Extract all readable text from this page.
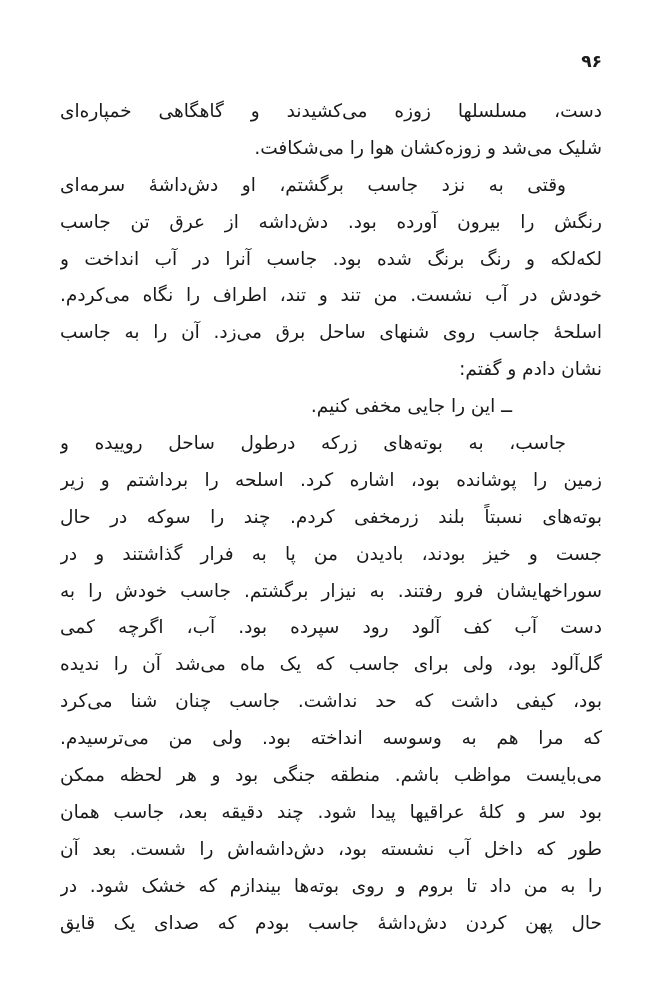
۹۶
دست، مسلسلها زوزه می‌کشیدند و گاهگاهی خمپاره‌ای
شلیک می‌شد و زوزه‌کشان هوا را می‌شکافت.
وقتی به نزد جاسب برگشتم، او دش‌داشهٔ سرمه‌ای
رنگش را بیرون آورده بود. دش‌داشه از عرق تن جاسب
لکه‌لکه و رنگ برنگ شده بود. جاسب آنرا در آب انداخت و
خودش در آب نشست. من تند و تند، اطراف را نگاه می‌کردم.
اسلحهٔ جاسب روی شنهای ساحل برق می‌زد. آن را به جاسب
نشان دادم و گفتم:
ــ این را جایی مخفی کنیم.
جاسب، به بوته‌های زرکه درطول ساحل روییده و
زمین را پوشانده بود، اشاره کرد. اسلحه را برداشتم و زیر
بوته‌های نسبتاً بلند زرمخفی کردم. چند را سوکه در حال
جست و خیز بودند، بادیدن من پا به فرار گذاشتند و در
سوراخهایشان فرو رفتند. به نیزار برگشتم. جاسب خودش را به
دست آب کف آلود رود سپرده بود. آب، اگرچه کمی
گل‌آلود بود، ولی برای جاسب که یک ماه می‌شد آن را ندیده
بود، کیفی داشت که حد نداشت. جاسب چنان شنا می‌کرد
که مرا هم به وسوسه انداخته بود. ولی من می‌ترسیدم.
می‌بایست مواظب باشم. منطقه جنگی بود و هر لحظه ممکن
بود سر و کلهٔ عراقیها پیدا شود. چند دقیقه بعد، جاسب همان
طور که داخل آب نشسته بود، دش‌داشه‌اش را شست. بعد آن
را به من داد تا بروم و روی بوته‌ها بیندازم که خشک شود. در
حال پهن کردن دش‌داشهٔ جاسب بودم که صدای یک قایق
